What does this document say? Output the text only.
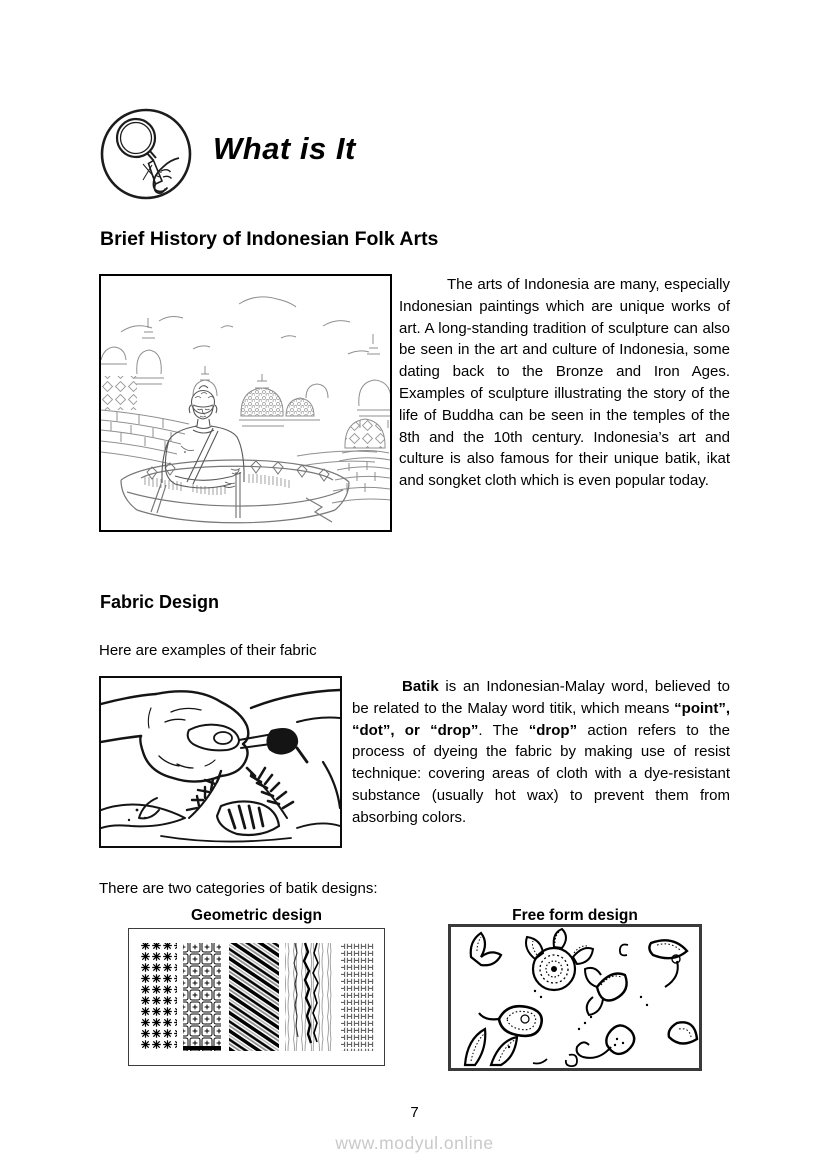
What is It
Brief History of Indonesian Folk Arts

The arts of Indonesia are many, especially Indonesian paintings which are unique works of art. A long-standing tradition of sculpture can also be seen in the art and culture of Indonesia, some dating back to the Bronze and Iron Ages. Examples of sculpture illustrating the story of the life of Buddha can be seen in the temples of the 8th and the 10th century. Indonesia’s art and culture is also famous for their unique batik, ikat and songket cloth which is even popular today.

Fabric Design

Here are examples of their fabric

Batik is an Indonesian-Malay word, believed to be related to the Malay word titik, which means “point”, “dot”, or “drop”. The “drop” action refers to the process of dyeing the fabric by making use of resist technique: covering areas of cloth with a dye-resistant substance (usually hot wax) to prevent them from absorbing colors.

There are two categories of batik designs:

Geometric design	Free form design
7
www.modyul.online
